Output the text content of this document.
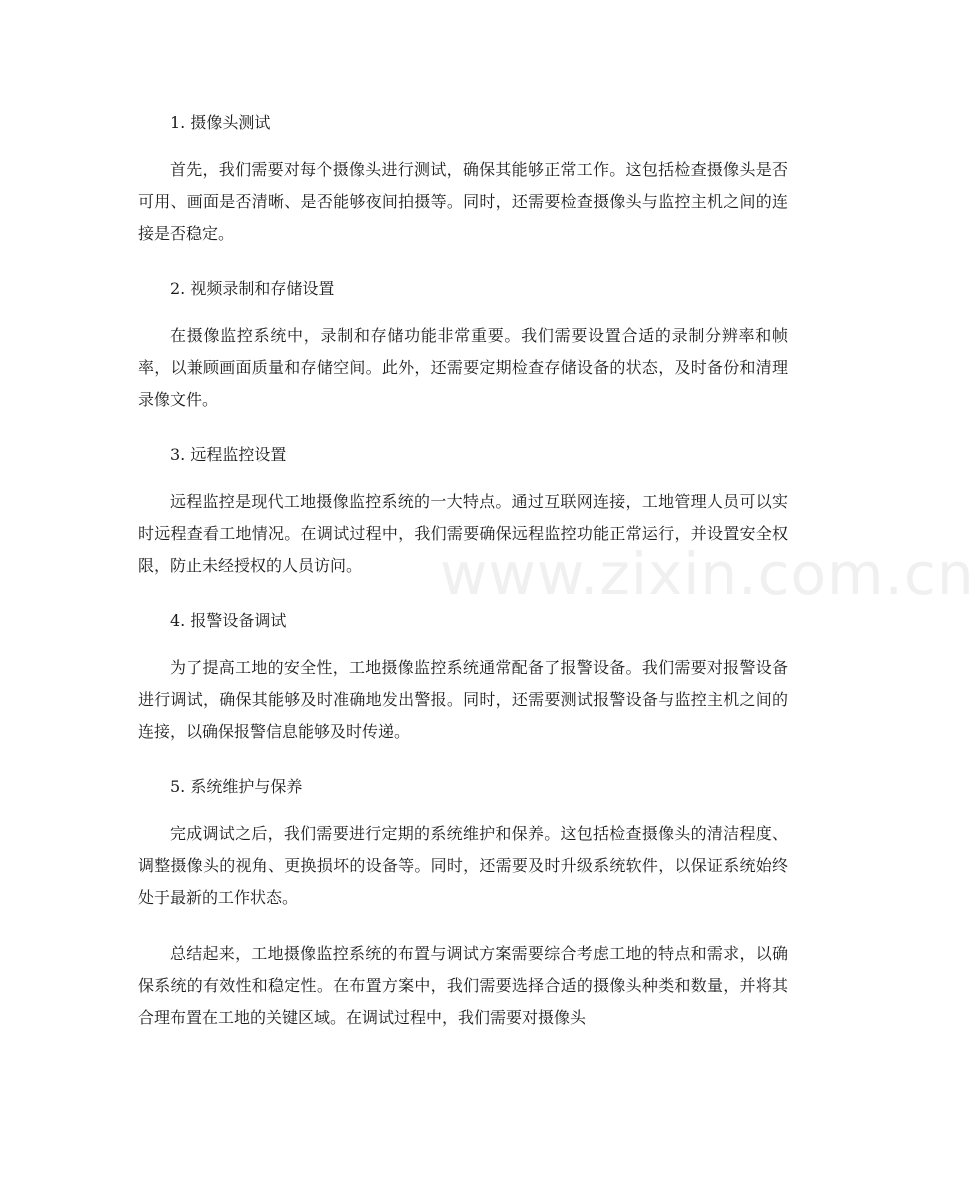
1. 摄像头测试

首先，我们需要对每个摄像头进行测试，确保其能够正常工作。这包括检查摄像头是否可用、画面是否清晰、是否能够夜间拍摄等。同时，还需要检查摄像头与监控主机之间的连接是否稳定。

2. 视频录制和存储设置

在摄像监控系统中，录制和存储功能非常重要。我们需要设置合适的录制分辨率和帧率，以兼顾画面质量和存储空间。此外，还需要定期检查存储设备的状态，及时备份和清理录像文件。

3. 远程监控设置

远程监控是现代工地摄像监控系统的一大特点。通过互联网连接，工地管理人员可以实时远程查看工地情况。在调试过程中，我们需要确保远程监控功能正常运行，并设置安全权限，防止未经授权的人员访问。

4. 报警设备调试

为了提高工地的安全性，工地摄像监控系统通常配备了报警设备。我们需要对报警设备进行调试，确保其能够及时准确地发出警报。同时，还需要测试报警设备与监控主机之间的连接，以确保报警信息能够及时传递。

5. 系统维护与保养

完成调试之后，我们需要进行定期的系统维护和保养。这包括检查摄像头的清洁程度、调整摄像头的视角、更换损坏的设备等。同时，还需要及时升级系统软件，以保证系统始终处于最新的工作状态。

总结起来，工地摄像监控系统的布置与调试方案需要综合考虑工地的特点和需求，以确保系统的有效性和稳定性。在布置方案中，我们需要选择合适的摄像头种类和数量，并将其合理布置在工地的关键区域。在调试过程中，我们需要对摄像头

www.zixin.com.cn
